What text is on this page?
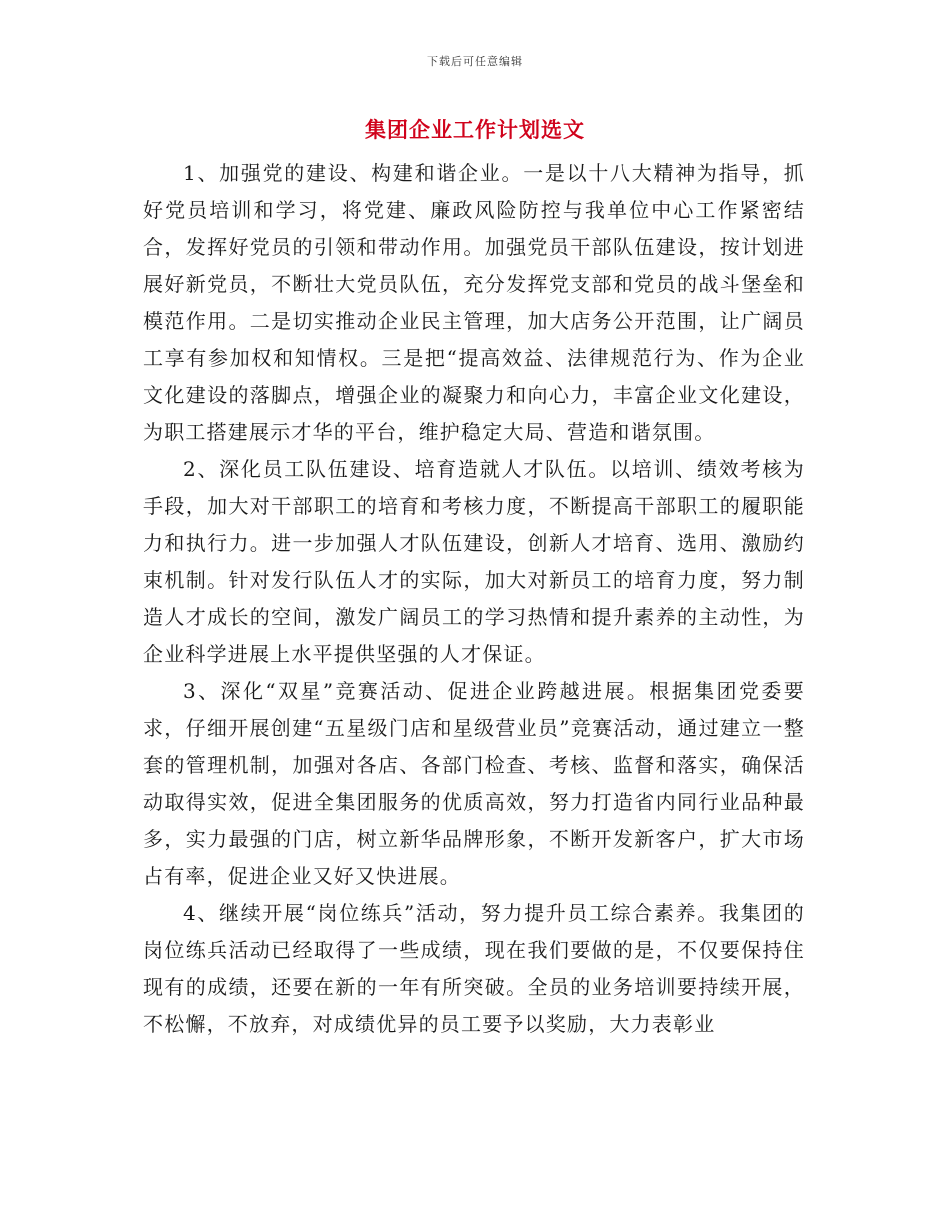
下载后可任意编辑
集团企业工作计划选文

1、加强党的建设、构建和谐企业。一是以十八大精神为指导，抓好党员培训和学习，将党建、廉政风险防控与我单位中心工作紧密结合，发挥好党员的引领和带动作用。加强党员干部队伍建设，按计划进展好新党员，不断壮大党员队伍，充分发挥党支部和党员的战斗堡垒和模范作用。二是切实推动企业民主管理，加大店务公开范围，让广阔员工享有参加权和知情权。三是把“提高效益、法律规范行为、作为企业文化建设的落脚点，增强企业的凝聚力和向心力，丰富企业文化建设，为职工搭建展示才华的平台，维护稳定大局、营造和谐氛围。

2、深化员工队伍建设、培育造就人才队伍。以培训、绩效考核为手段，加大对干部职工的培育和考核力度，不断提高干部职工的履职能力和执行力。进一步加强人才队伍建设，创新人才培育、选用、激励约束机制。针对发行队伍人才的实际，加大对新员工的培育力度，努力制造人才成长的空间，激发广阔员工的学习热情和提升素养的主动性，为企业科学进展上水平提供坚强的人才保证。

3、深化“双星”竞赛活动、促进企业跨越进展。根据集团党委要求，仔细开展创建“五星级门店和星级营业员”竞赛活动，通过建立一整套的管理机制，加强对各店、各部门检查、考核、监督和落实，确保活动取得实效，促进全集团服务的优质高效，努力打造省内同行业品种最多，实力最强的门店，树立新华品牌形象，不断开发新客户，扩大市场占有率，促进企业又好又快进展。

4、继续开展“岗位练兵”活动，努力提升员工综合素养。我集团的岗位练兵活动已经取得了一些成绩，现在我们要做的是，不仅要保持住现有的成绩，还要在新的一年有所突破。全员的业务培训要持续开展，不松懈，不放弃，对成绩优异的员工要予以奖励，大力表彰业
